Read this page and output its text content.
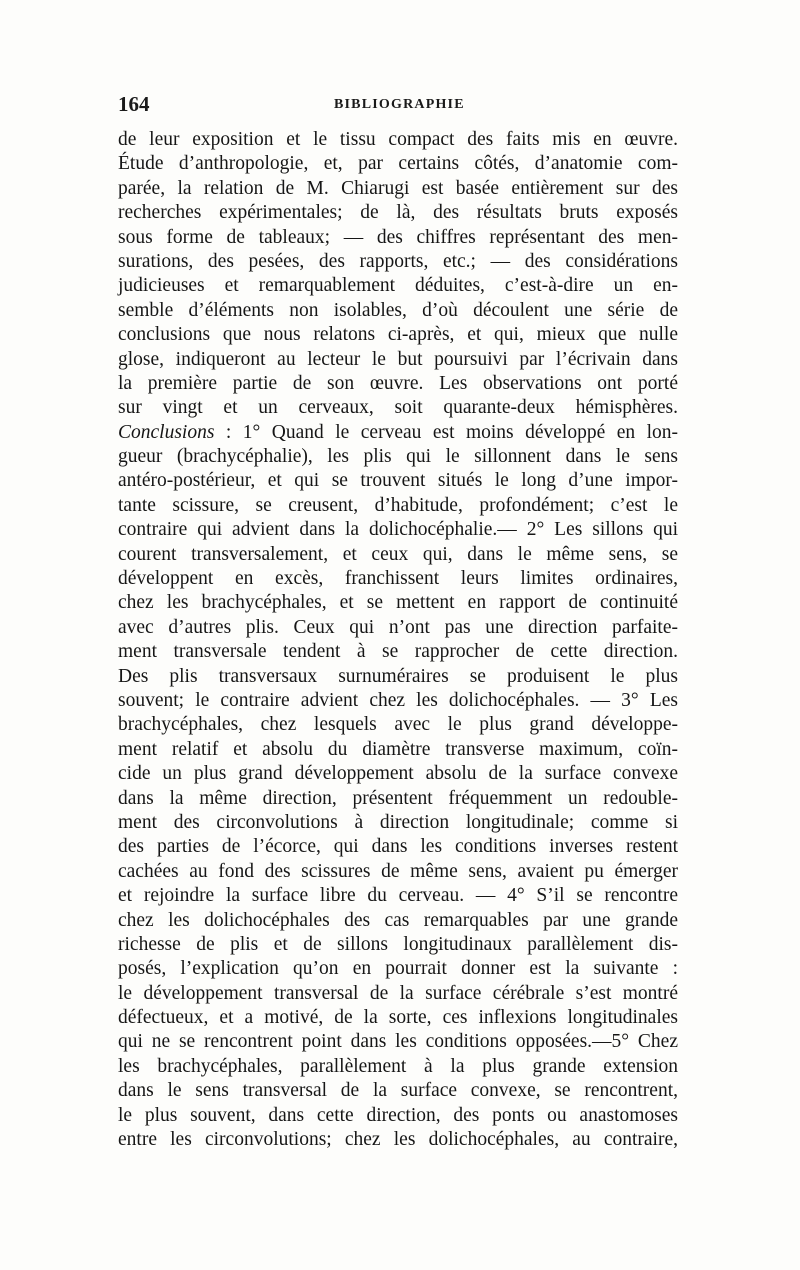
164	BIBLIOGRAPHIE
de leur exposition et le tissu compact des faits mis en œuvre.
Étude d’anthropologie, et, par certains côtés, d’anatomie com-
parée, la relation de M. Chiarugi est basée entièrement sur des
recherches expérimentales; de là, des résultats bruts exposés
sous forme de tableaux; — des chiffres représentant des men-
surations, des pesées, des rapports, etc.; — des considérations
judicieuses et remarquablement déduites, c’est-à-dire un en-
semble d’éléments non isolables, d’où découlent une série de
conclusions que nous relatons ci-après, et qui, mieux que nulle
glose, indiqueront au lecteur le but poursuivi par l’écrivain dans
la première partie de son œuvre. Les observations ont porté
sur vingt et un cerveaux, soit quarante-deux hémisphères.
Conclusions : 1° Quand le cerveau est moins développé en lon-
gueur (brachycéphalie), les plis qui le sillonnent dans le sens
antéro-postérieur, et qui se trouvent situés le long d’une impor-
tante scissure, se creusent, d’habitude, profondément; c’est le
contraire qui advient dans la dolichocéphalie.— 2° Les sillons qui
courent transversalement, et ceux qui, dans le même sens, se
développent en excès, franchissent leurs limites ordinaires,
chez les brachycéphales, et se mettent en rapport de continuité
avec d’autres plis. Ceux qui n’ont pas une direction parfaite-
ment transversale tendent à se rapprocher de cette direction.
Des plis transversaux surnuméraires se produisent le plus
souvent; le contraire advient chez les dolichocéphales. — 3° Les
brachycéphales, chez lesquels avec le plus grand développe-
ment relatif et absolu du diamètre transverse maximum, coïn-
cide un plus grand développement absolu de la surface convexe
dans la même direction, présentent fréquemment un redouble-
ment des circonvolutions à direction longitudinale; comme si
des parties de l’écorce, qui dans les conditions inverses restent
cachées au fond des scissures de même sens, avaient pu émerger
et rejoindre la surface libre du cerveau. — 4° S’il se rencontre
chez les dolichocéphales des cas remarquables par une grande
richesse de plis et de sillons longitudinaux parallèlement dis-
posés, l’explication qu’on en pourrait donner est la suivante :
le développement transversal de la surface cérébrale s’est montré
défectueux, et a motivé, de la sorte, ces inflexions longitudinales
qui ne se rencontrent point dans les conditions opposées.—5° Chez
les brachycéphales, parallèlement à la plus grande extension
dans le sens transversal de la surface convexe, se rencontrent,
le plus souvent, dans cette direction, des ponts ou anastomoses
entre les circonvolutions; chez les dolichocéphales, au contraire,
